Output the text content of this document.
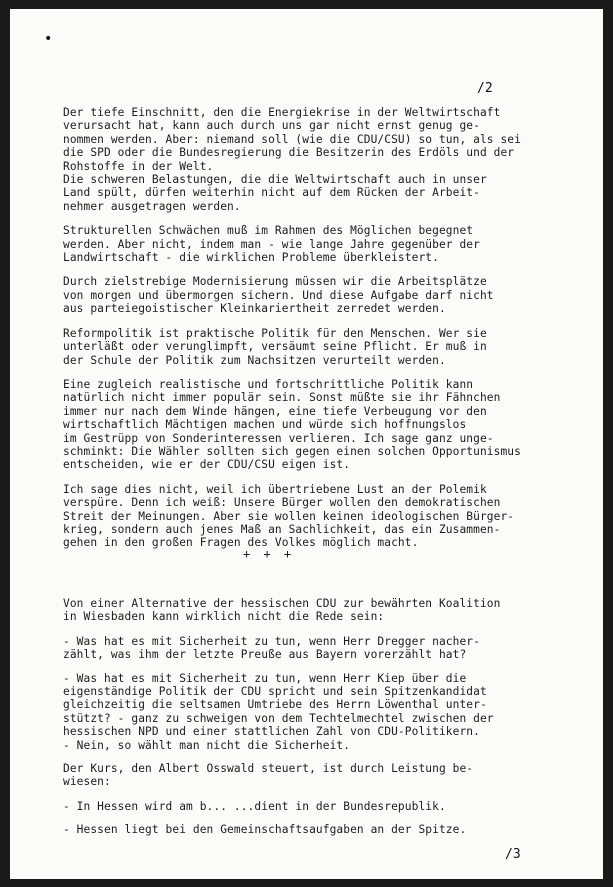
•
/2

Der tiefe Einschnitt, den die Energiekrise in der Weltwirtschaft
verursacht hat, kann auch durch uns gar nicht ernst genug ge-
nommen werden. Aber: niemand soll (wie die CDU/CSU) so tun, als sei
die SPD oder die Bundesregierung die Besitzerin des Erdöls und der
Rohstoffe in der Welt.

Die schweren Belastungen, die die Weltwirtschaft auch in unser
Land spült, dürfen weiterhin nicht auf dem Rücken der Arbeit-
nehmer ausgetragen werden.

Strukturellen Schwächen muß im Rahmen des Möglichen begegnet
werden. Aber nicht, indem man - wie lange Jahre gegenüber der
Landwirtschaft - die wirklichen Probleme überkleistert.

Durch zielstrebige Modernisierung müssen wir die Arbeitsplätze
von morgen und übermorgen sichern. Und diese Aufgabe darf nicht
aus parteiegoistischer Kleinkariertheit zerredet werden.

Reformpolitik ist praktische Politik für den Menschen. Wer sie
unterläßt oder verunglimpft, versäumt seine Pflicht. Er muß in
der Schule der Politik zum Nachsitzen verurteilt werden.

Eine zugleich realistische und fortschrittliche Politik kann
natürlich nicht immer populär sein. Sonst müßte sie ihr Fähnchen
immer nur nach dem Winde hängen, eine tiefe Verbeugung vor den
wirtschaftlich Mächtigen machen und würde sich hoffnungslos
im Gestrüpp von Sonderinteressen verlieren. Ich sage ganz unge-
schminkt: Die Wähler sollten sich gegen einen solchen Opportunismus
entscheiden, wie er der CDU/CSU eigen ist.

Ich sage dies nicht, weil ich übertriebene Lust an der Polemik
verspüre. Denn ich weiß: Unsere Bürger wollen den demokratischen
Streit der Meinungen. Aber sie wollen keinen ideologischen Bürger-
krieg, sondern auch jenes Maß an Sachlichkeit, das ein Zusammen-
gehen in den großen Fragen des Volkes möglich macht.

+ + +

Von einer Alternative der hessischen CDU zur bewährten Koalition
in Wiesbaden kann wirklich nicht die Rede sein:

- Was hat es mit Sicherheit zu tun, wenn Herr Dregger nacher-
zählt, was ihm der letzte Preuße aus Bayern vorerzählt hat?
- Was hat es mit Sicherheit zu tun, wenn Herr Kiep über die
eigenständige Politik der CDU spricht und sein Spitzenkandidat
gleichzeitig die seltsamen Umtriebe des Herrn Löwenthal unter-
stützt? - ganz zu schweigen von dem Techtelmechtel zwischen der
hessischen NPD und einer stattlichen Zahl von CDU-Politikern.
- Nein, so wählt man nicht die Sicherheit.

Der Kurs, den Albert Osswald steuert, ist durch Leistung be-
wiesen:

- In Hessen wird am b... ...dient in der Bundesrepublik.
- Hessen liegt bei den Gemeinschaftsaufgaben an der Spitze.
/3
